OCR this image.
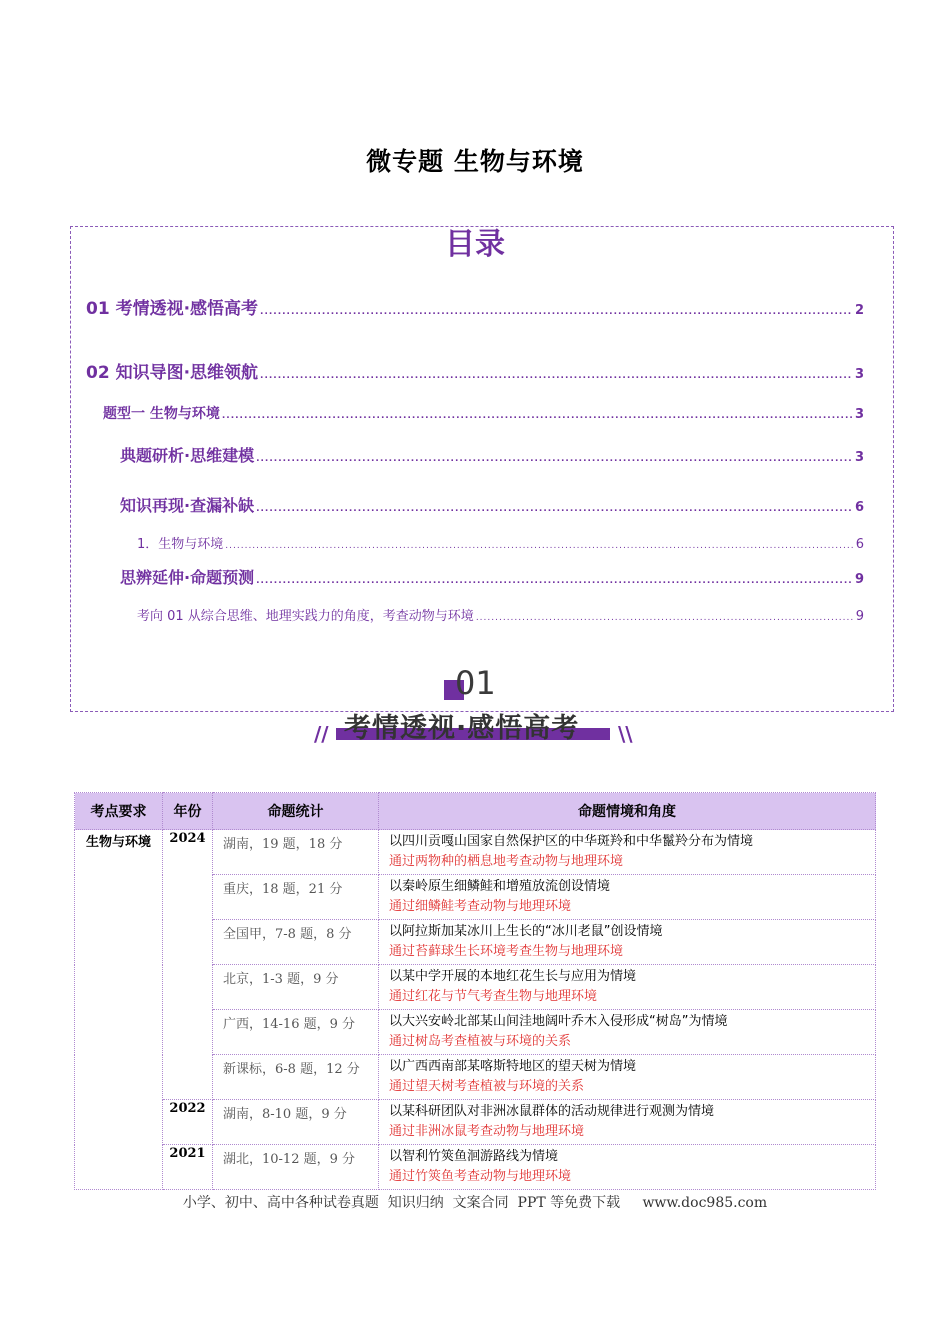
微专题 生物与环境
目录
01 考情透视·感悟高考 .....	2
02 知识导图·思维领航 .....	3
题型一 生物与环境 .....	3
典题研析·思维建模 .....	3
知识再现·查漏补缺 .....	6
1．生物与环境 .....	6
思辨延伸·命题预测 .....	9
考向 01 从综合思维、地理实践力的角度，考查动物与环境 .....	9
01
考情透视·感悟高考
//	\\
考点要求	年份	命题统计	命题情境和角度
生物与环境	2024	湖南，19 题，18 分	以四川贡嘎山国家自然保护区的中华斑羚和中华鬣羚分布为情境
通过两物种的栖息地考查动物与地理环境

		重庆，18 题，21 分	以秦岭原生细鳞鲑和增殖放流创设情境
通过细鳞鲑考查动物与地理环境

		全国甲，7-8 题，8 分	以阿拉斯加某冰川上生长的“冰川老鼠”创设情境
通过苔藓球生长环境考查生物与地理环境

		北京，1-3 题，9 分	以某中学开展的本地红花生长与应用为情境
通过红花与节气考查生物与地理环境

		广西，14-16 题，9 分	以大兴安岭北部某山间洼地阔叶乔木入侵形成“树岛”为情境
通过树岛考查植被与环境的关系

		新课标，6-8 题，12 分	以广西西南部某喀斯特地区的望天树为情境
通过望天树考查植被与环境的关系

	2022	湖南，8-10 题，9 分	以某科研团队对非洲冰鼠群体的活动规律进行观测为情境
通过非洲冰鼠考查动物与地理环境

	2021	湖北，10-12 题，9 分	以智利竹筴鱼洄游路线为情境
通过竹筴鱼考查动物与地理环境
小学、初中、高中各种试卷真题  知识归纳  文案合同  PPT 等免费下载     www.doc985.com
